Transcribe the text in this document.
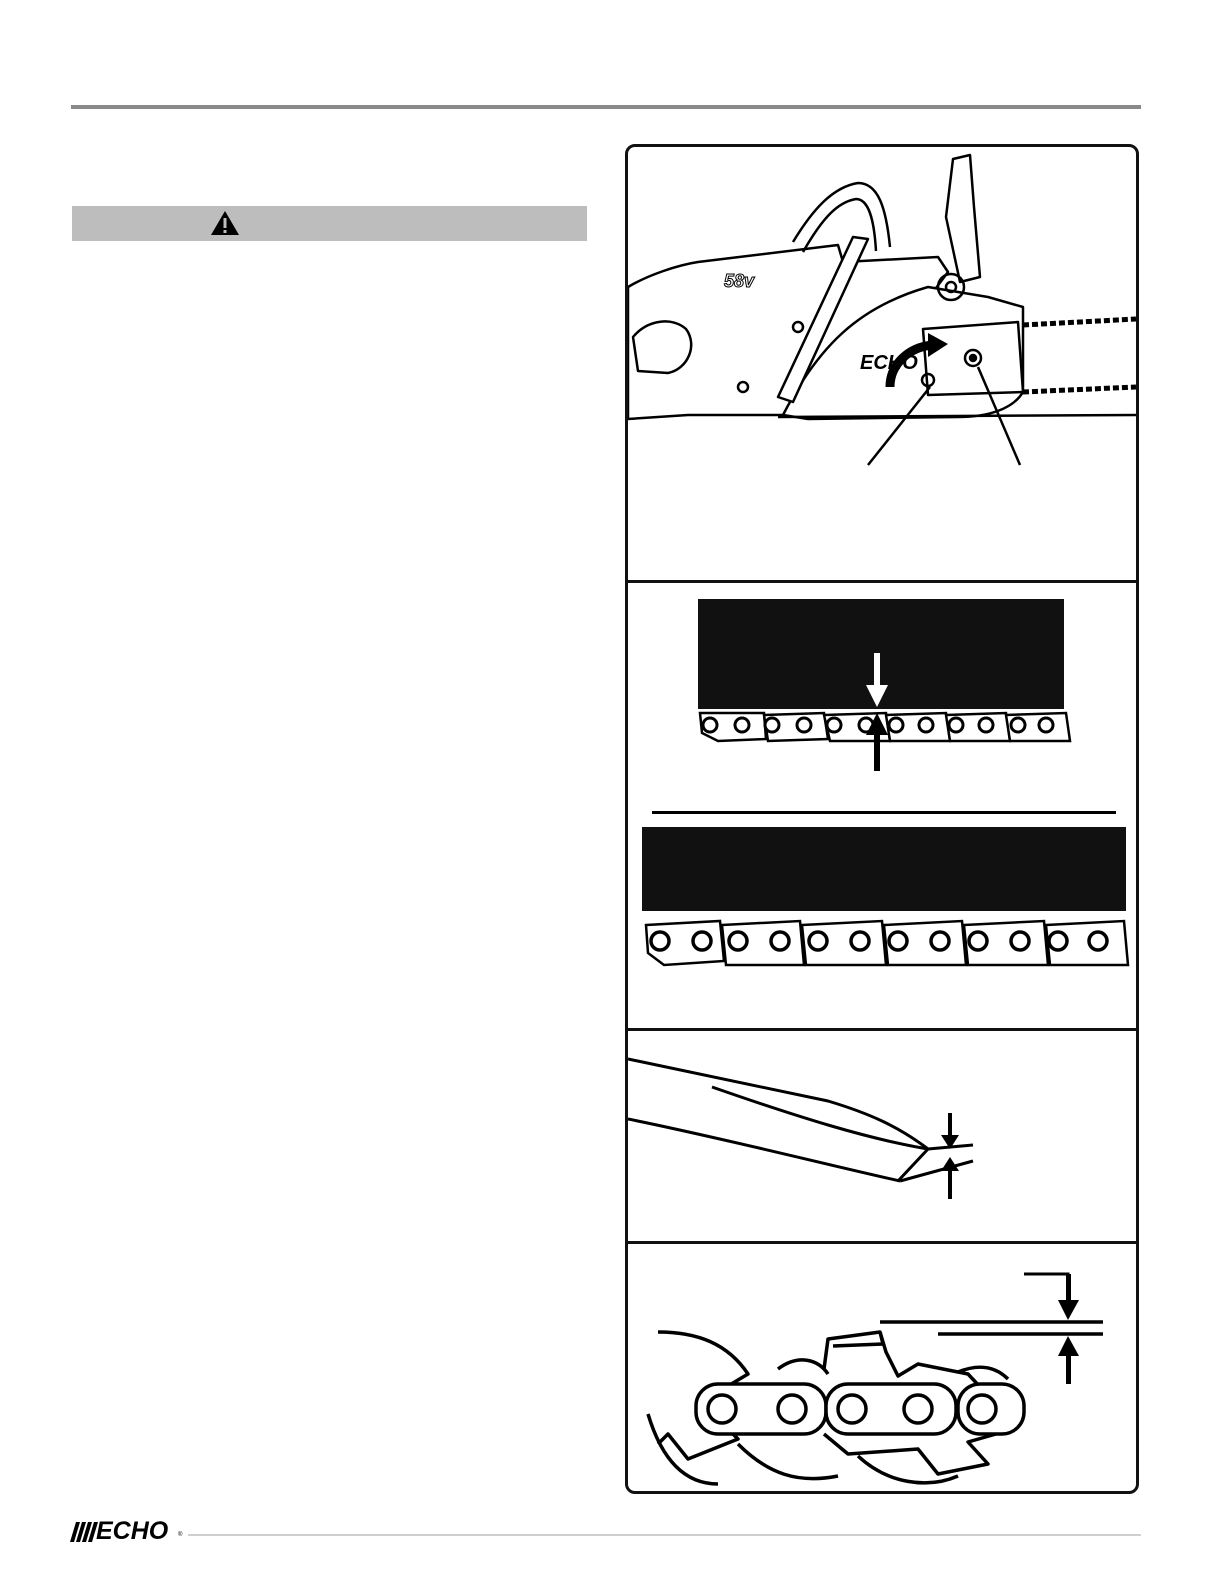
ECHO
58v
ECHO ®
